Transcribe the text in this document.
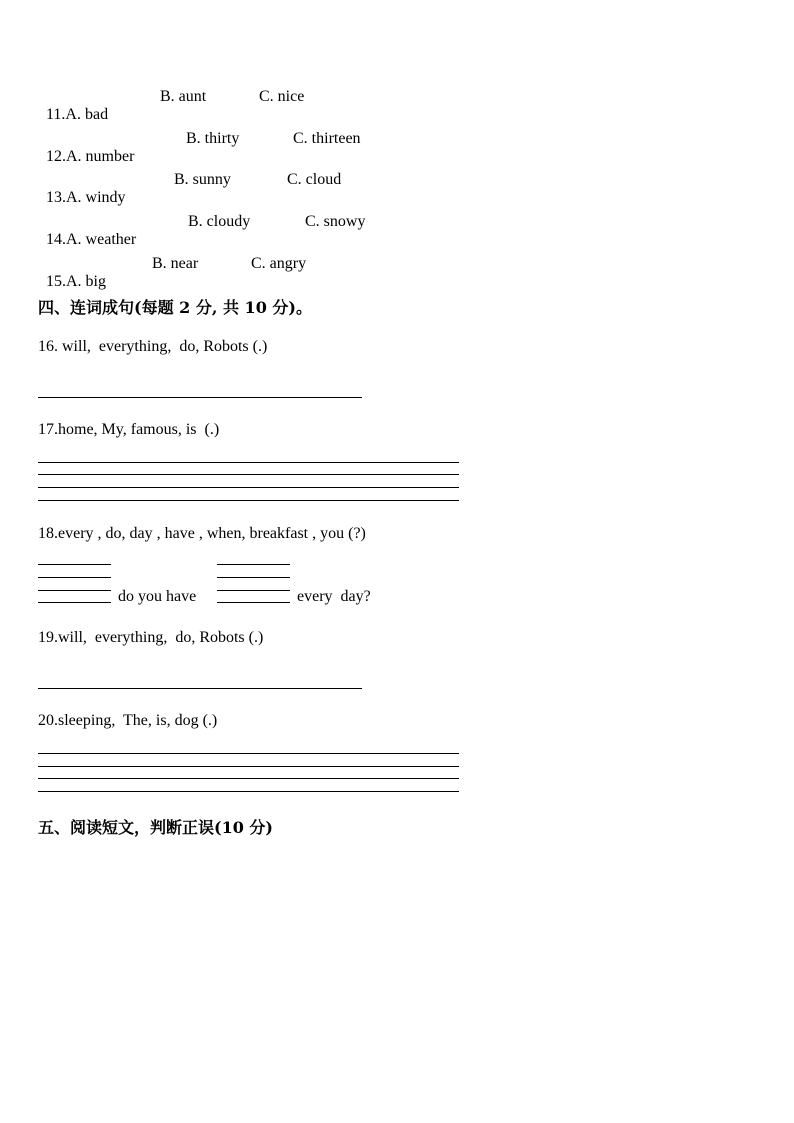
11.A. bad

B. aunt

	C. nice

12.A. number

B. thirty

	C. thirteen

13.A. windy

B. sunny

	C. cloud

14.A. weather

B. cloudy

	C. snowy

15.A. big

B. near

	C. angry

四、连词成句(每题 2 分, 共 10 分)。
16. will,  everything,  do, Robots (.)
17.home, My, famous, is  (.)
18.every , do, day , have , when, breakfast , you (?)
do you have	every  day?
19.will,  everything,  do, Robots (.)
20.sleeping,  The, is, dog (.)
五、阅读短文，判断正误(10 分)
